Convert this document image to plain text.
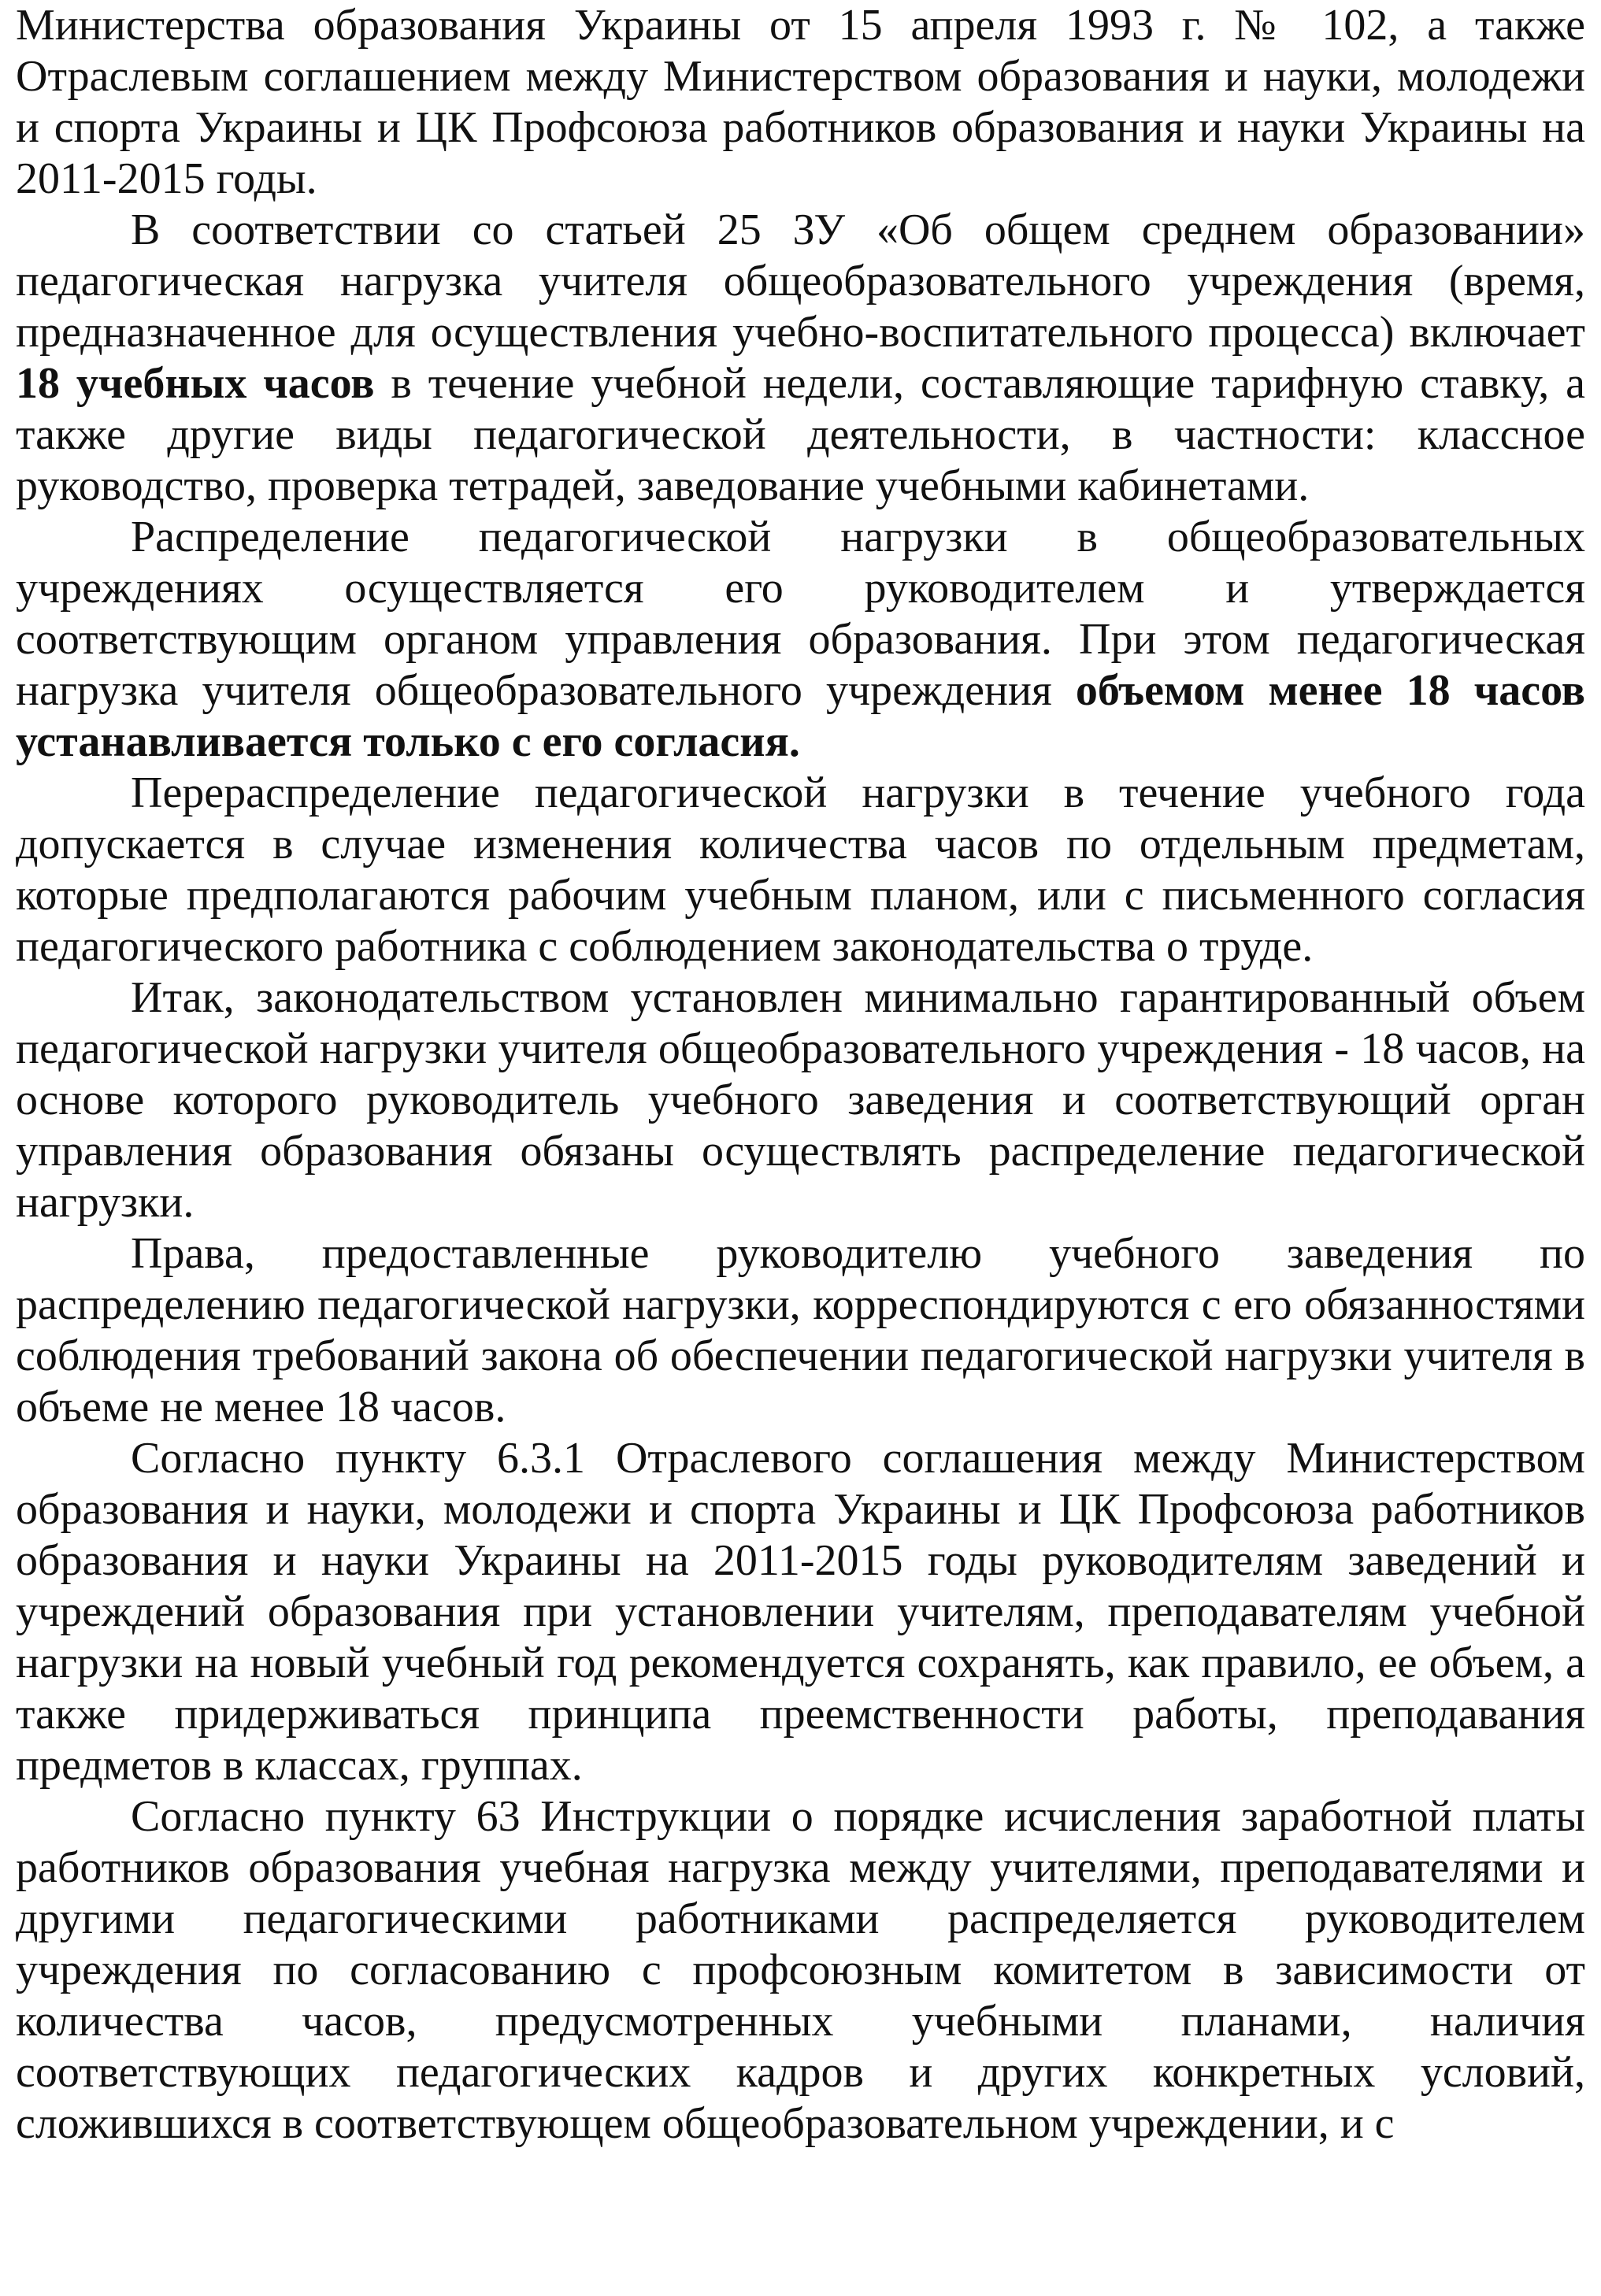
Министерства образования Украины от 15 апреля 1993 г. № 102, а также Отраслевым соглашением между Министерством образования и науки, молодежи и спорта Украины и ЦК Профсоюза работников образования и науки Украины на 2011-2015 годы.

В соответствии со статьей 25 ЗУ «Об общем среднем образовании» педагогическая нагрузка учителя общеобразовательного учреждения (время, предназначенное для осуществления учебно-воспитательного процесса) включает 18 учебных часов в течение учебной недели, составляющие тарифную ставку, а также другие виды педагогической деятельности, в частности: классное руководство, проверка тетрадей, заведование учебными кабинетами.

Распределение педагогической нагрузки в общеобразовательных учреждениях осуществляется его руководителем и утверждается соответствующим органом управления образования. При этом педагогическая нагрузка учителя общеобразовательного учреждения объемом менее 18 часов устанавливается только с его согласия.

Перераспределение педагогической нагрузки в течение учебного года допускается в случае изменения количества часов по отдельным предметам, которые предполагаются рабочим учебным планом, или с письменного согласия педагогического работника с соблюдением законодательства о труде.

Итак, законодательством установлен минимально гарантированный объем педагогической нагрузки учителя общеобразовательного учреждения - 18 часов, на основе которого руководитель учебного заведения и соответствующий орган управления образования обязаны осуществлять распределение педагогической нагрузки.

Права, предоставленные руководителю учебного заведения по распределению педагогической нагрузки, корреспондируются с его обязанностями соблюдения требований закона об обеспечении педагогической нагрузки учителя в объеме не менее 18 часов.

Согласно пункту 6.3.1 Отраслевого соглашения между Министерством образования и науки, молодежи и спорта Украины и ЦК Профсоюза работников образования и науки Украины на 2011-2015 годы руководителям заведений и учреждений образования при установлении учителям, преподавателям учебной нагрузки на новый учебный год рекомендуется сохранять, как правило, ее объем, а также придерживаться принципа преемственности работы, преподавания предметов в классах, группах.

Согласно пункту 63 Инструкции о порядке исчисления заработной платы работников образования учебная нагрузка между учителями, преподавателями и другими педагогическими работниками распределяется руководителем учреждения по согласованию с профсоюзным комитетом в зависимости от количества часов, предусмотренных учебными планами, наличия соответствующих педагогических кадров и других конкретных условий, сложившихся в соответствующем общеобразовательном учреждении, и с
